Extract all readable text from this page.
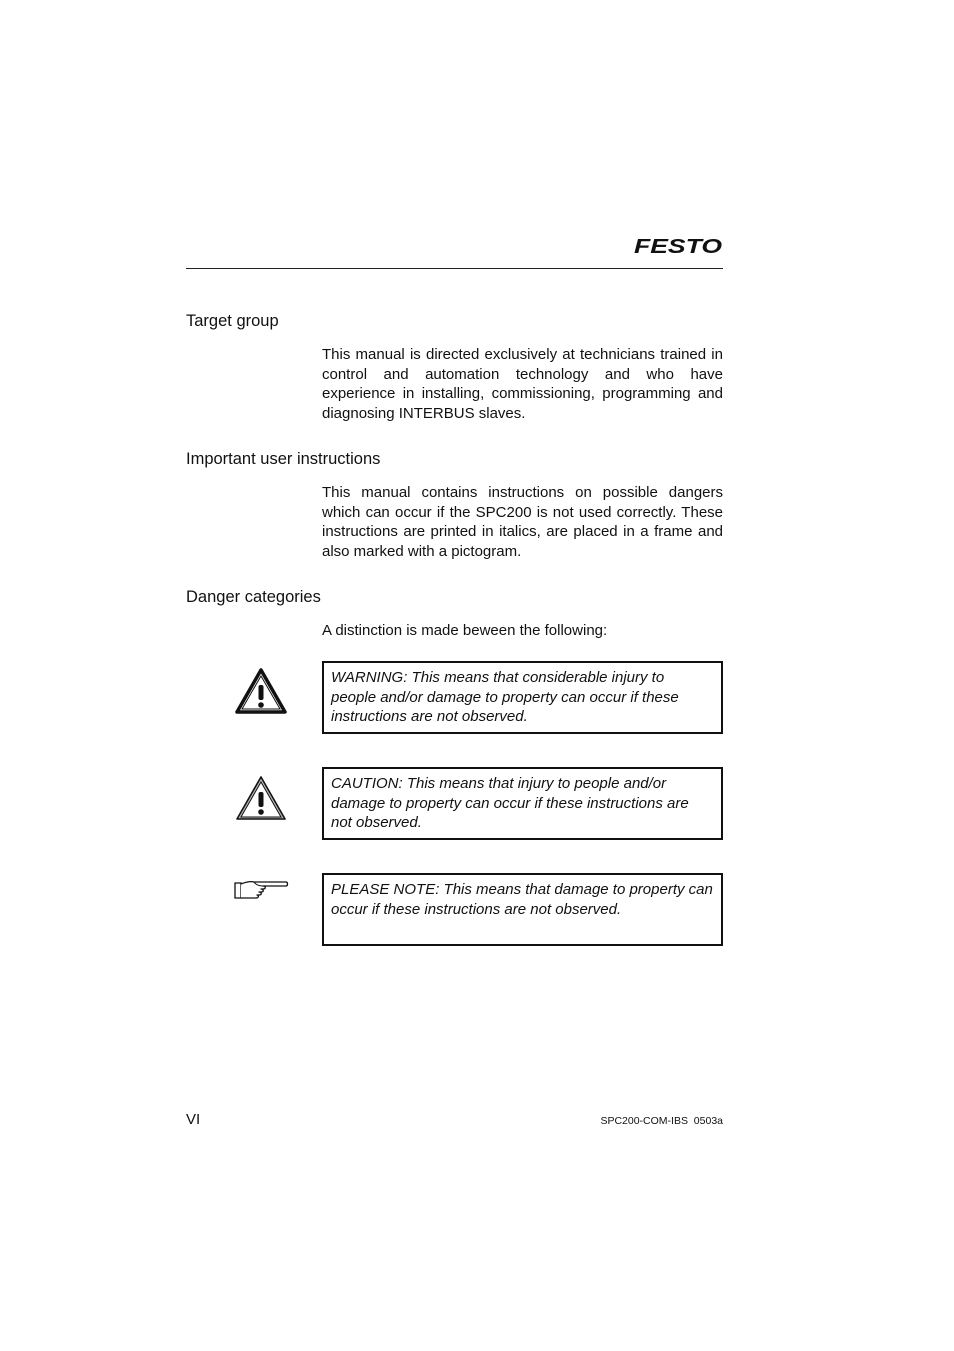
FESTO
Target group

This manual is directed exclusively at technicians trained in control and automation technology and who have experience in installing, commissioning, programming and diagnosing INTERBUS slaves.

Important user instructions

This manual contains instructions on possible dangers which can occur if the SPC200 is not used correctly. These instructions are printed in italics, are placed in a frame and also marked with a pictogram.

Danger categories

A distinction is made beween the following:

WARNING: This means that considerable injury to people and/or damage to property can occur if these instructions are not observed.

CAUTION: This means that injury to people and/or damage to property can occur if these instructions are not observed.

PLEASE NOTE: This means that damage to property can occur if these instructions are not observed.

VI	SPC200-COM-IBS  0503a
